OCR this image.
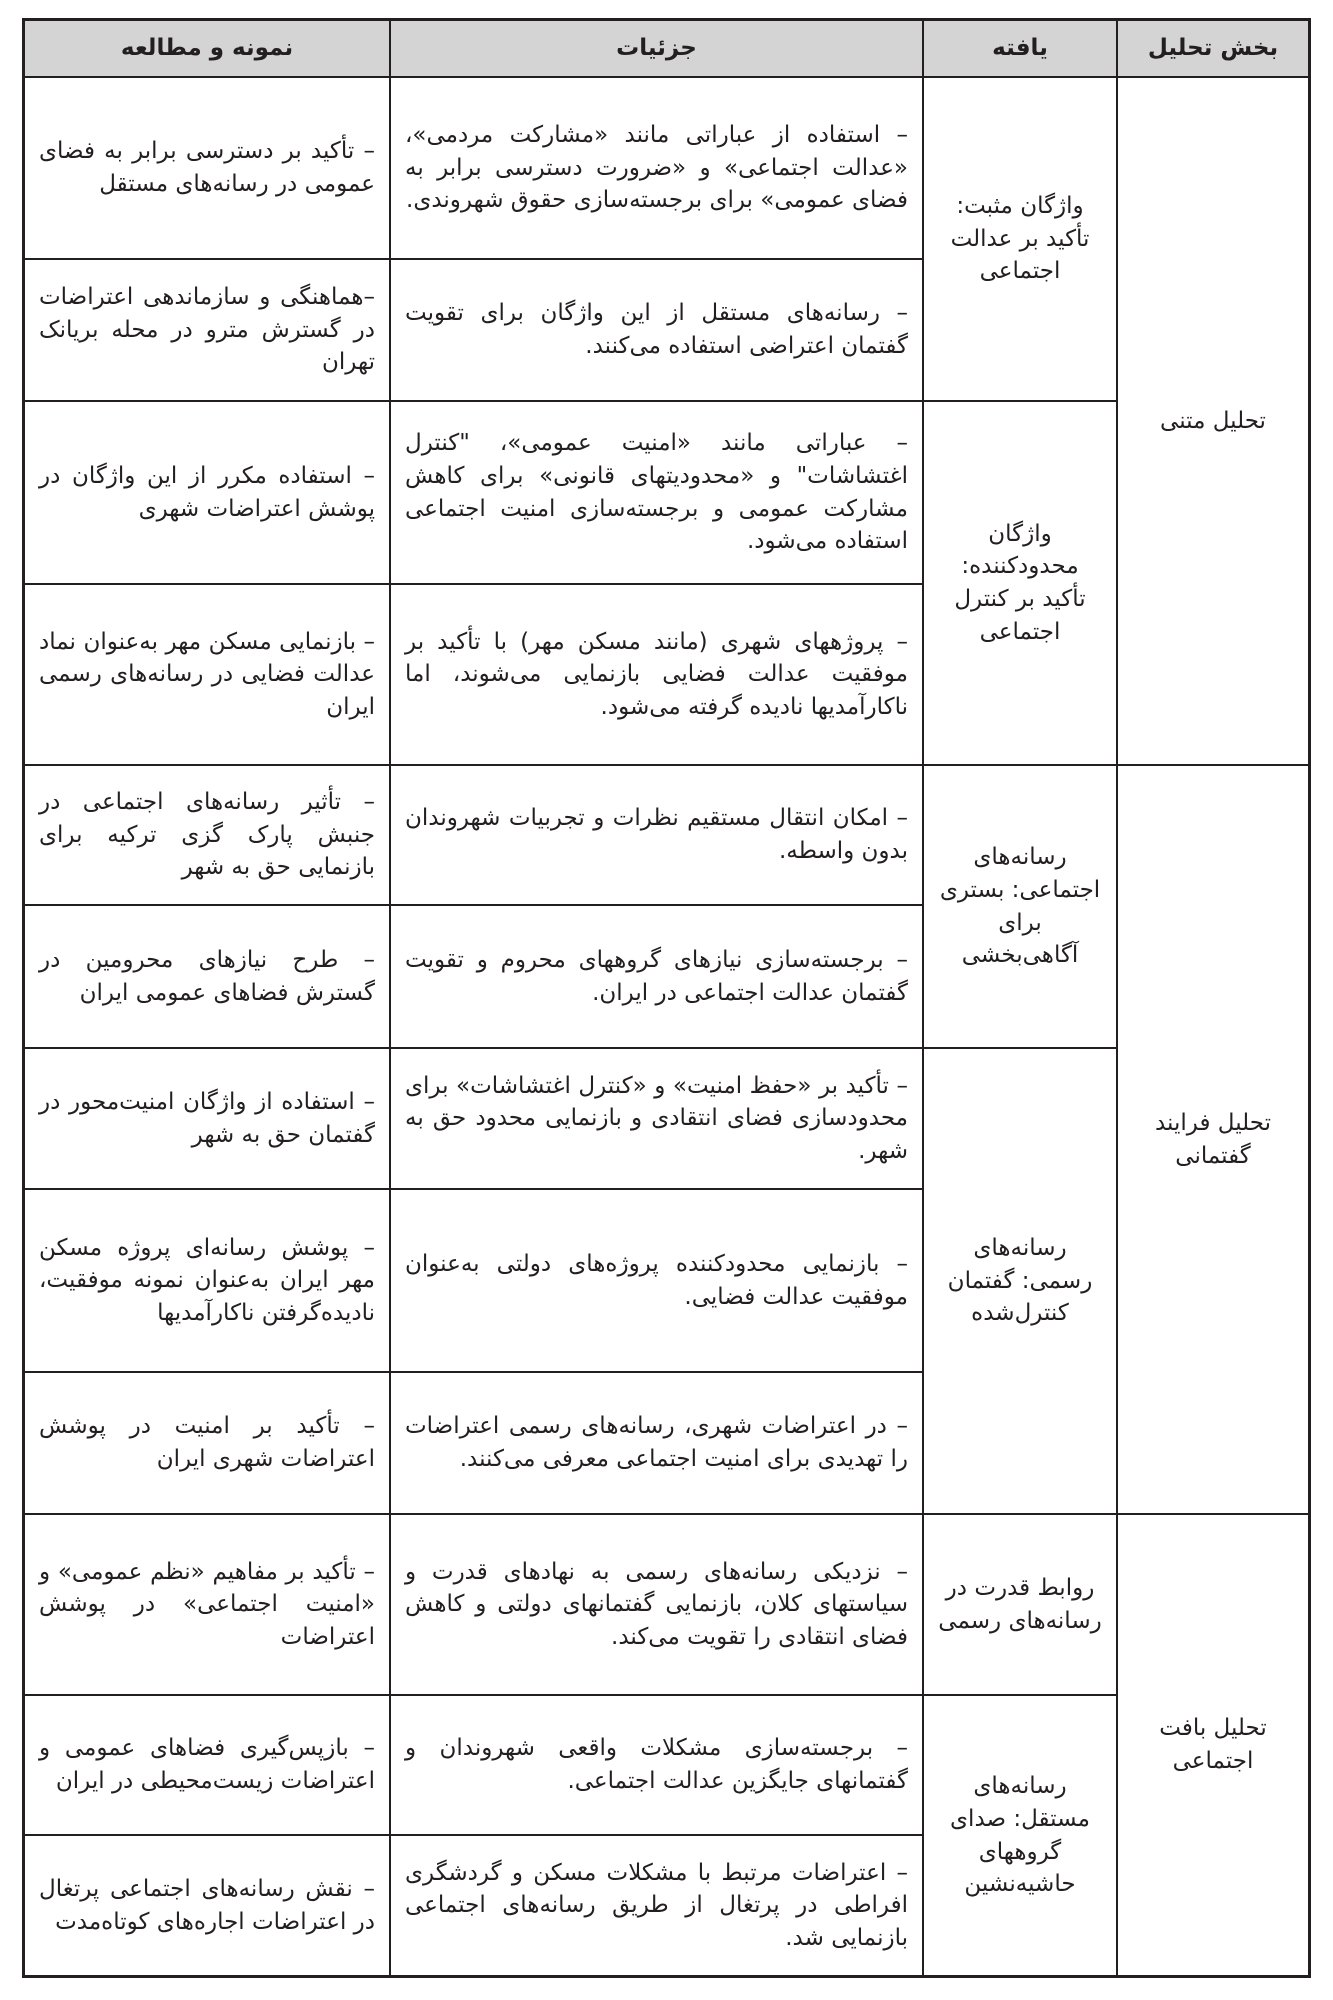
بخش تحلیل
یافته
جزئیات
نمونه و مطالعه
تحلیل متنی
تحلیل فرایند گفتمانی
تحلیل بافت اجتماعی
واژگان مثبت: تأکید بر عدالت اجتماعی
واژگان محدودکننده: تأکید بر کنترل اجتماعی
رسانه‌های اجتماعی: بستری برای آگاهی‌بخشی
رسانه‌های رسمی: گفتمان کنترل‌شده
روابط قدرت در رسانه‌های رسمی
رسانه‌های مستقل: صدای گروههای حاشیه‌نشین
– استفاده از عباراتی مانند «مشارکت مردمی»، «عدالت اجتماعی» و «ضرورت دسترسی برابر به فضای عمومی» برای برجسته‌سازی حقوق شهروندی.
– تأکید بر دسترسی برابر به فضای عمومی در رسانه‌های مستقل
– رسانه‌های مستقل از این واژگان برای تقویت گفتمان اعتراضی استفاده می‌کنند.
–هماهنگی و سازماندهی اعتراضات در گسترش مترو در محله بریانک تهران
– عباراتی مانند «امنیت عمومی»، "کنترل اغتشاشات" و «محدودیتهای قانونی» برای کاهش مشارکت عمومی و برجسته‌سازی امنیت اجتماعی استفاده می‌شود.
– استفاده مکرر از این واژگان در پوشش اعتراضات شهری
– پروژههای شهری (مانند مسکن مهر) با تأکید بر موفقیت عدالت فضایی بازنمایی می‌شوند، اما ناکارآمدیها نادیده گرفته می‌شود.
– بازنمایی مسکن مهر به‌عنوان نماد عدالت فضایی در رسانه‌های رسمی ایران
– امکان انتقال مستقیم نظرات و تجربیات شهروندان بدون واسطه.
– تأثیر رسانه‌های اجتماعی در جنبش پارک گزی ترکیه برای بازنمایی حق به شهر
– برجسته‌سازی نیازهای گروههای محروم و تقویت گفتمان عدالت اجتماعی در ایران.
– طرح نیازهای محرومین در گسترش فضاهای عمومی ایران
– تأکید بر «حفظ امنیت» و «کنترل اغتشاشات» برای محدودسازی فضای انتقادی و بازنمایی محدود حق به شهر.
– استفاده از واژگان امنیت‌محور در گفتمان حق به شهر
– بازنمایی محدودکننده پروژه‌های دولتی به‌عنوان موفقیت عدالت فضایی.
– پوشش رسانه‌ای پروژه مسکن مهر ایران به‌عنوان نمونه موفقیت، نادیده‌گرفتن ناکارآمدیها
– در اعتراضات شهری، رسانه‌های رسمی اعتراضات را تهدیدی برای امنیت اجتماعی معرفی می‌کنند.
– تأکید بر امنیت در پوشش اعتراضات شهری ایران
– نزدیکی رسانه‌های رسمی به نهادهای قدرت و سیاستهای کلان، بازنمایی گفتمانهای دولتی و کاهش فضای انتقادی را تقویت می‌کند.
– تأکید بر مفاهیم «نظم عمومی» و «امنیت اجتماعی» در پوشش اعتراضات
– برجسته‌سازی مشکلات واقعی شهروندان و گفتمانهای جایگزین عدالت اجتماعی.
– بازپس‌گیری فضاهای عمومی و اعتراضات زیست‌محیطی در ایران
– اعتراضات مرتبط با مشکلات مسکن و گردشگری افراطی در پرتغال از طریق رسانه‌های اجتماعی بازنمایی شد.
– نقش رسانه‌های اجتماعی پرتغال در اعتراضات اجاره‌های کوتاه‌مدت
